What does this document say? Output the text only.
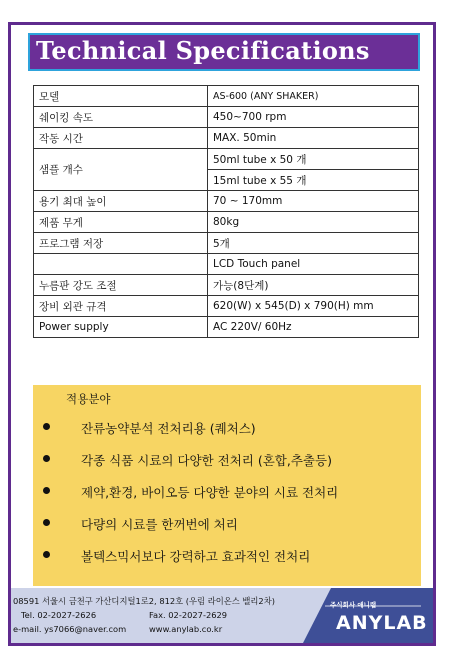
Technical Specifications
모델	AS-600 (ANY SHAKER)
쉐이킹 속도	450~700 rpm
작동 시간	MAX. 50min
샘플 개수	50ml tube x 50 개
	15ml tube x 55 개
용기 최대 높이	70 ~ 170mm
제품 무게	80kg
프로그램 저장	5개
	LCD Touch panel
누름판 강도 조절	가능(8단계)
장비 외관 규격	620(W) x 545(D) x 790(H) mm
Power supply	AC 220V/ 60Hz
적용분야
잔류농약분석 전처리용 (퀘처스)
각종 식품 시료의 다양한 전처리 (혼합,추출등)
제약,환경, 바이오등 다양한 분야의 시료 전처리
다량의 시료를 한꺼번에 처리
볼텍스믹서보다 강력하고 효과적인 전처리
08591 서울시 금천구 가산디지털1로2, 812호 (우림 라이온스 밸리2차)
Tel. 02-2027-2626	Fax. 02-2027-2629
e-mail. ys7066@naver.com	www.anylab.co.kr
주식회사 애니랩
ANYLAB
